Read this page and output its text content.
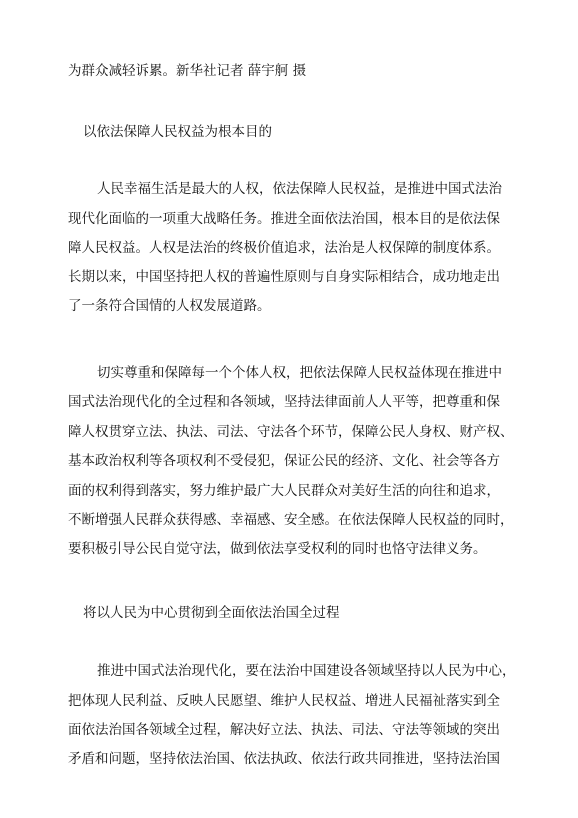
为群众减轻诉累。新华社记者 薛宇舸 摄
以依法保障人民权益为根本目的
人民幸福生活是最大的人权，依法保障人民权益，是推进中国式法治
现代化面临的一项重大战略任务。推进全面依法治国，根本目的是依法保
障人民权益。人权是法治的终极价值追求，法治是人权保障的制度体系。
长期以来，中国坚持把人权的普遍性原则与自身实际相结合，成功地走出
了一条符合国情的人权发展道路。
切实尊重和保障每一个个体人权，把依法保障人民权益体现在推进中
国式法治现代化的全过程和各领域，坚持法律面前人人平等，把尊重和保
障人权贯穿立法、执法、司法、守法各个环节，保障公民人身权、财产权、
基本政治权利等各项权利不受侵犯，保证公民的经济、文化、社会等各方
面的权利得到落实，努力维护最广大人民群众对美好生活的向往和追求，
不断增强人民群众获得感、幸福感、安全感。在依法保障人民权益的同时，
要积极引导公民自觉守法，做到依法享受权利的同时也恪守法律义务。
将以人民为中心贯彻到全面依法治国全过程
推进中国式法治现代化，要在法治中国建设各领域坚持以人民为中心，
把体现人民利益、反映人民愿望、维护人民权益、增进人民福祉落实到全
面依法治国各领域全过程，解决好立法、执法、司法、守法等领域的突出
矛盾和问题，坚持依法治国、依法执政、依法行政共同推进，坚持法治国
